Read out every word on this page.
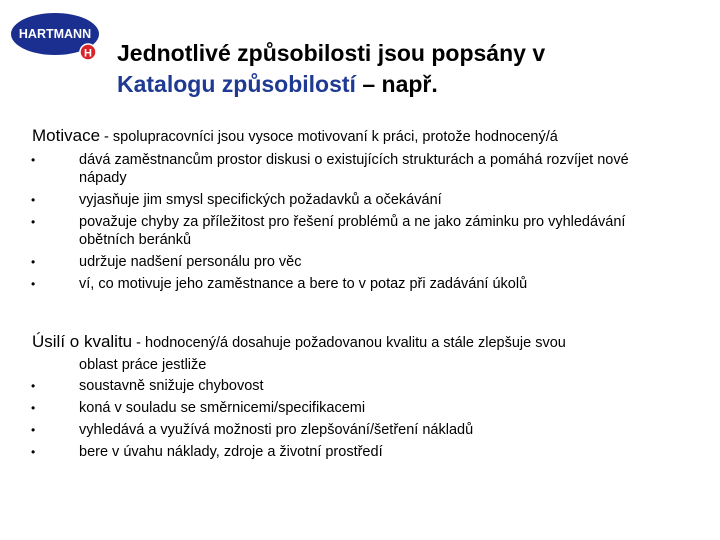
HARTMANN
H Jednotlivé způsobilosti jsou popsány v
Katalogu způsobilostí – např.
Motivace - spolupracovníci jsou vysoce motivovaní k práci, protože hodnocený/á
•	dává zaměstnancům prostor diskusi o existujících strukturách a pomáhá rozvíjet nové nápady
•	vyjasňuje jim smysl specifických požadavků a očekávání
•	považuje chyby za příležitost pro řešení problémů a ne jako záminku pro vyhledávání obětních beránků
•	udržuje nadšení personálu pro věc
•	ví, co motivuje jeho zaměstnance a bere to v potaz při zadávání úkolů
Úsilí o kvalitu - hodnocený/á dosahuje požadovanou kvalitu a stále zlepšuje svou
oblast práce jestliže
•	soustavně snižuje chybovost
•	koná v souladu se směrnicemi/specifikacemi
•	vyhledává a využívá možnosti pro zlepšování/šetření nákladů
•	bere v úvahu náklady, zdroje a životní prostředí
